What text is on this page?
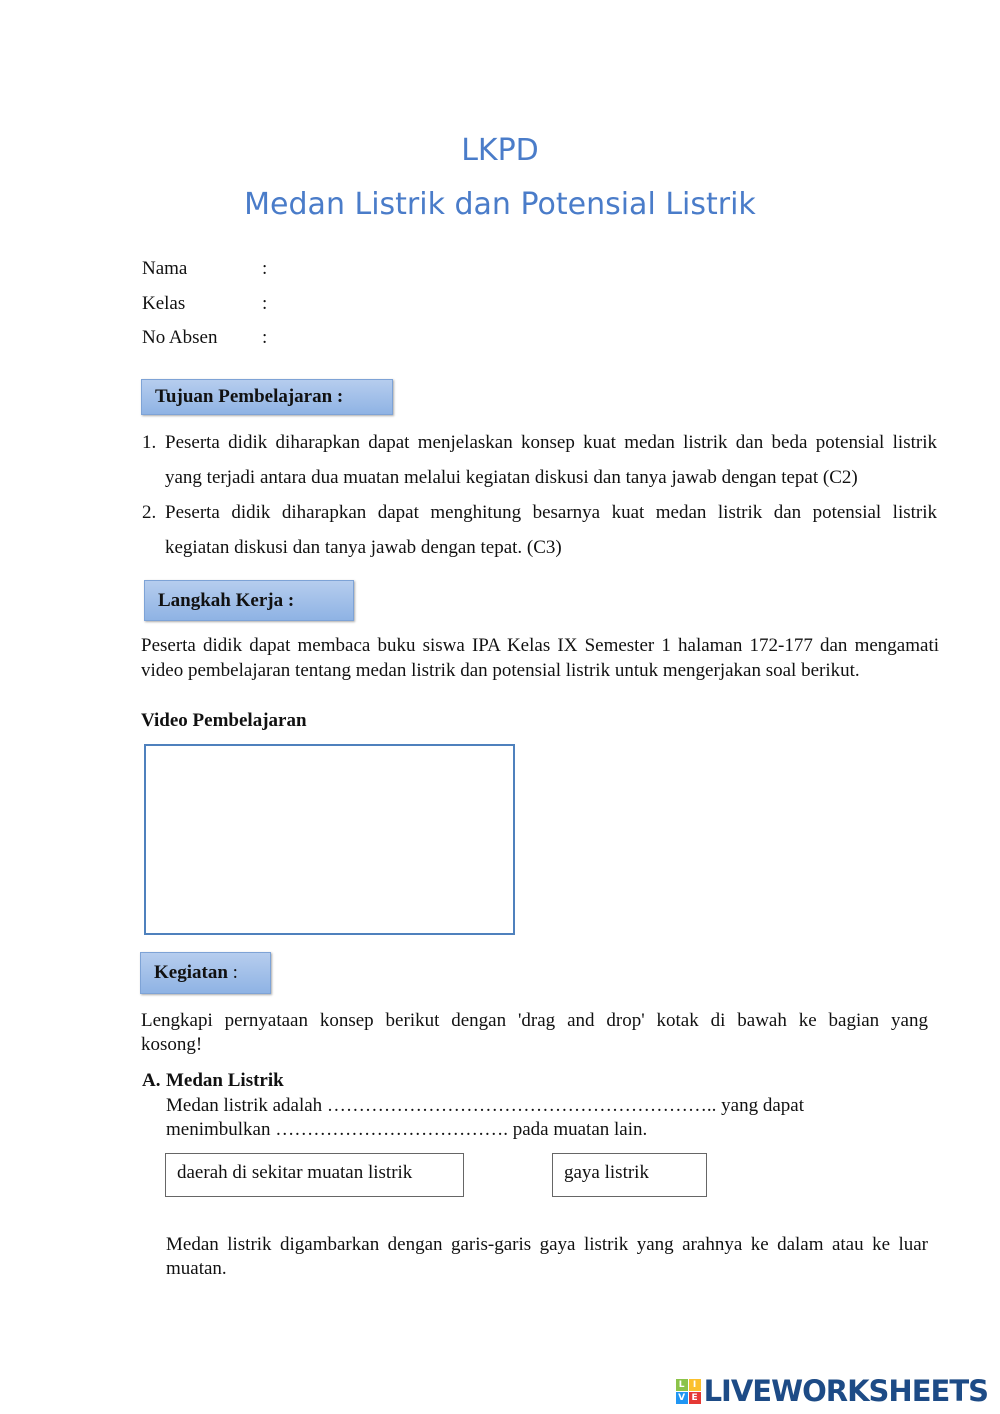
LKPD
Medan Listrik dan Potensial Listrik
Nama	:
Kelas	:
No Absen :
Tujuan Pembelajaran :
1. Peserta didik diharapkan dapat menjelaskan konsep kuat medan listrik dan beda potensial listrik
yang terjadi antara dua muatan melalui kegiatan diskusi dan tanya jawab dengan tepat (C2)
2. Peserta didik diharapkan dapat menghitung besarnya kuat medan listrik dan potensial listrik
kegiatan diskusi dan tanya jawab dengan tepat. (C3)
Langkah Kerja :
Peserta didik dapat membaca buku siswa IPA Kelas IX Semester 1 halaman 172-177 dan mengamati
video pembelajaran tentang medan listrik dan potensial listrik untuk mengerjakan soal berikut.
Video Pembelajaran
Kegiatan
:
Lengkapi pernyataan konsep berikut dengan 'drag and drop' kotak di bawah ke bagian yang
kosong!
A. Medan Listrik
Medan listrik adalah …………………………………………………….. yang dapat
menimbulkan ………………………………. pada muatan lain.
daerah di sekitar muatan listrik	gaya listrik
Medan listrik digambarkan dengan garis-garis gaya listrik yang arahnya ke dalam atau ke luar
muatan.
L I
V E LIVEWORKSHEETS
